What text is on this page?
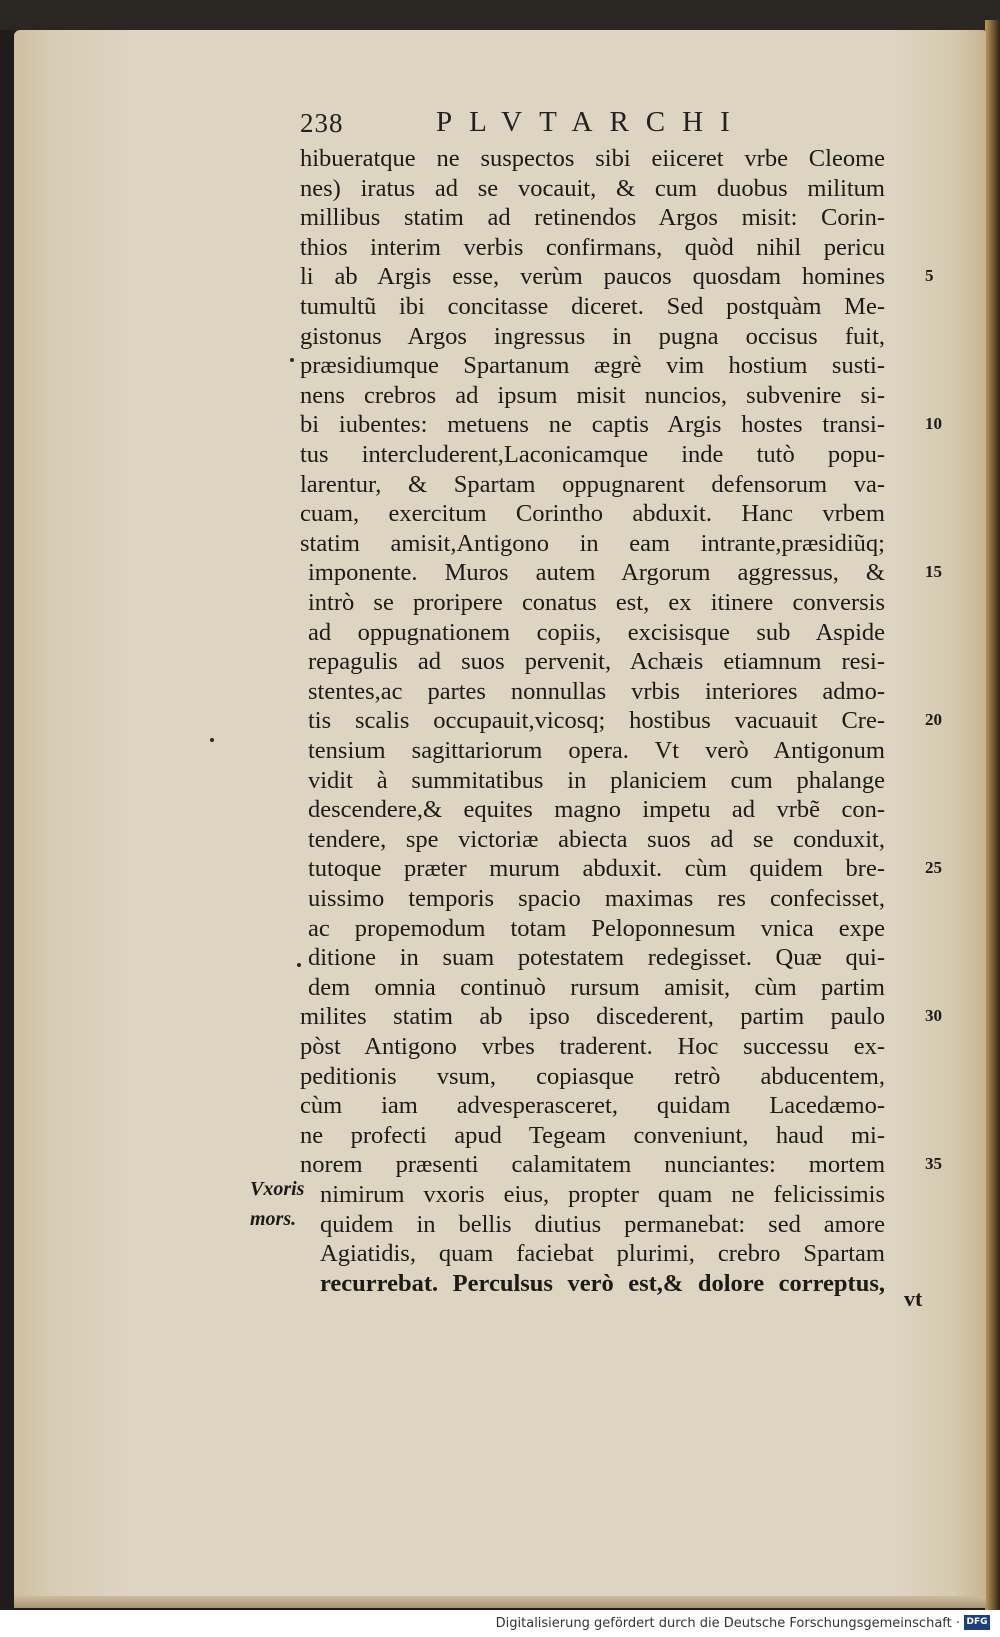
238	PLVTARCHI
hibueratque ne suspectos sibi eiiceret vrbe Cleome
nes) iratus ad se vocauit, & cum duobus militum
millibus statim ad retinendos Argos misit: Corin-
thios interim verbis confirmans, quòd nihil pericu
li ab Argis esse, verùm paucos quosdam homines
tumultũ ibi concitasse diceret. Sed postquàm Me-
gistonus Argos ingressus in pugna occisus fuit,
præsidiumque Spartanum ægrè vim hostium susti-
nens crebros ad ipsum misit nuncios, subvenire si-
bi iubentes: metuens ne captis Argis hostes transi-
tus intercluderent,Laconicamque inde tutò popu-
larentur, & Spartam oppugnarent defensorum va-
cuam, exercitum Corintho abduxit. Hanc vrbem
statim amisit,Antigono in eam intrante,præsidiũq;
imponente. Muros autem Argorum aggressus, &
intrò se proripere conatus est, ex itinere conversis
ad oppugnationem copiis, excisisque sub Aspide
repagulis ad suos pervenit, Achæis etiamnum resi-
stentes,ac partes nonnullas vrbis interiores admo-
tis scalis occupauit,vicosq; hostibus vacuauit Cre-
tensium sagittariorum opera. Vt verò Antigonum
vidit à summitatibus in planiciem cum phalange
descendere,& equites magno impetu ad vrbẽ con-
tendere, spe victoriæ abiecta suos ad se conduxit,
tutoque præter murum abduxit. cùm quidem bre-
uissimo temporis spacio maximas res confecisset,
ac propemodum totam Peloponnesum vnica expe
ditione in suam potestatem redegisset. Quæ qui-
dem omnia continuò rursum amisit, cùm partim
milites statim ab ipso discederent, partim paulo
pòst Antigono vrbes traderent. Hoc successu ex-
peditionis vsum, copiasque retrò abducentem,
cùm iam advesperasceret, quidam Lacedæmo-
ne profecti apud Tegeam conveniunt, haud mi-
norem præsenti calamitatem nunciantes: mortem
nimirum vxoris eius, propter quam ne felicissimis
quidem in bellis diutius permanebat: sed amore
Agiatidis, quam faciebat plurimi, crebro Spartam
recurrebat. Perculsus verò est,& dolore correptus,
5
10
15
20
25
30
35
Vxoris
mors.
vt
Digitalisierung gefördert durch die Deutsche Forschungsgemeinschaft · DFG
